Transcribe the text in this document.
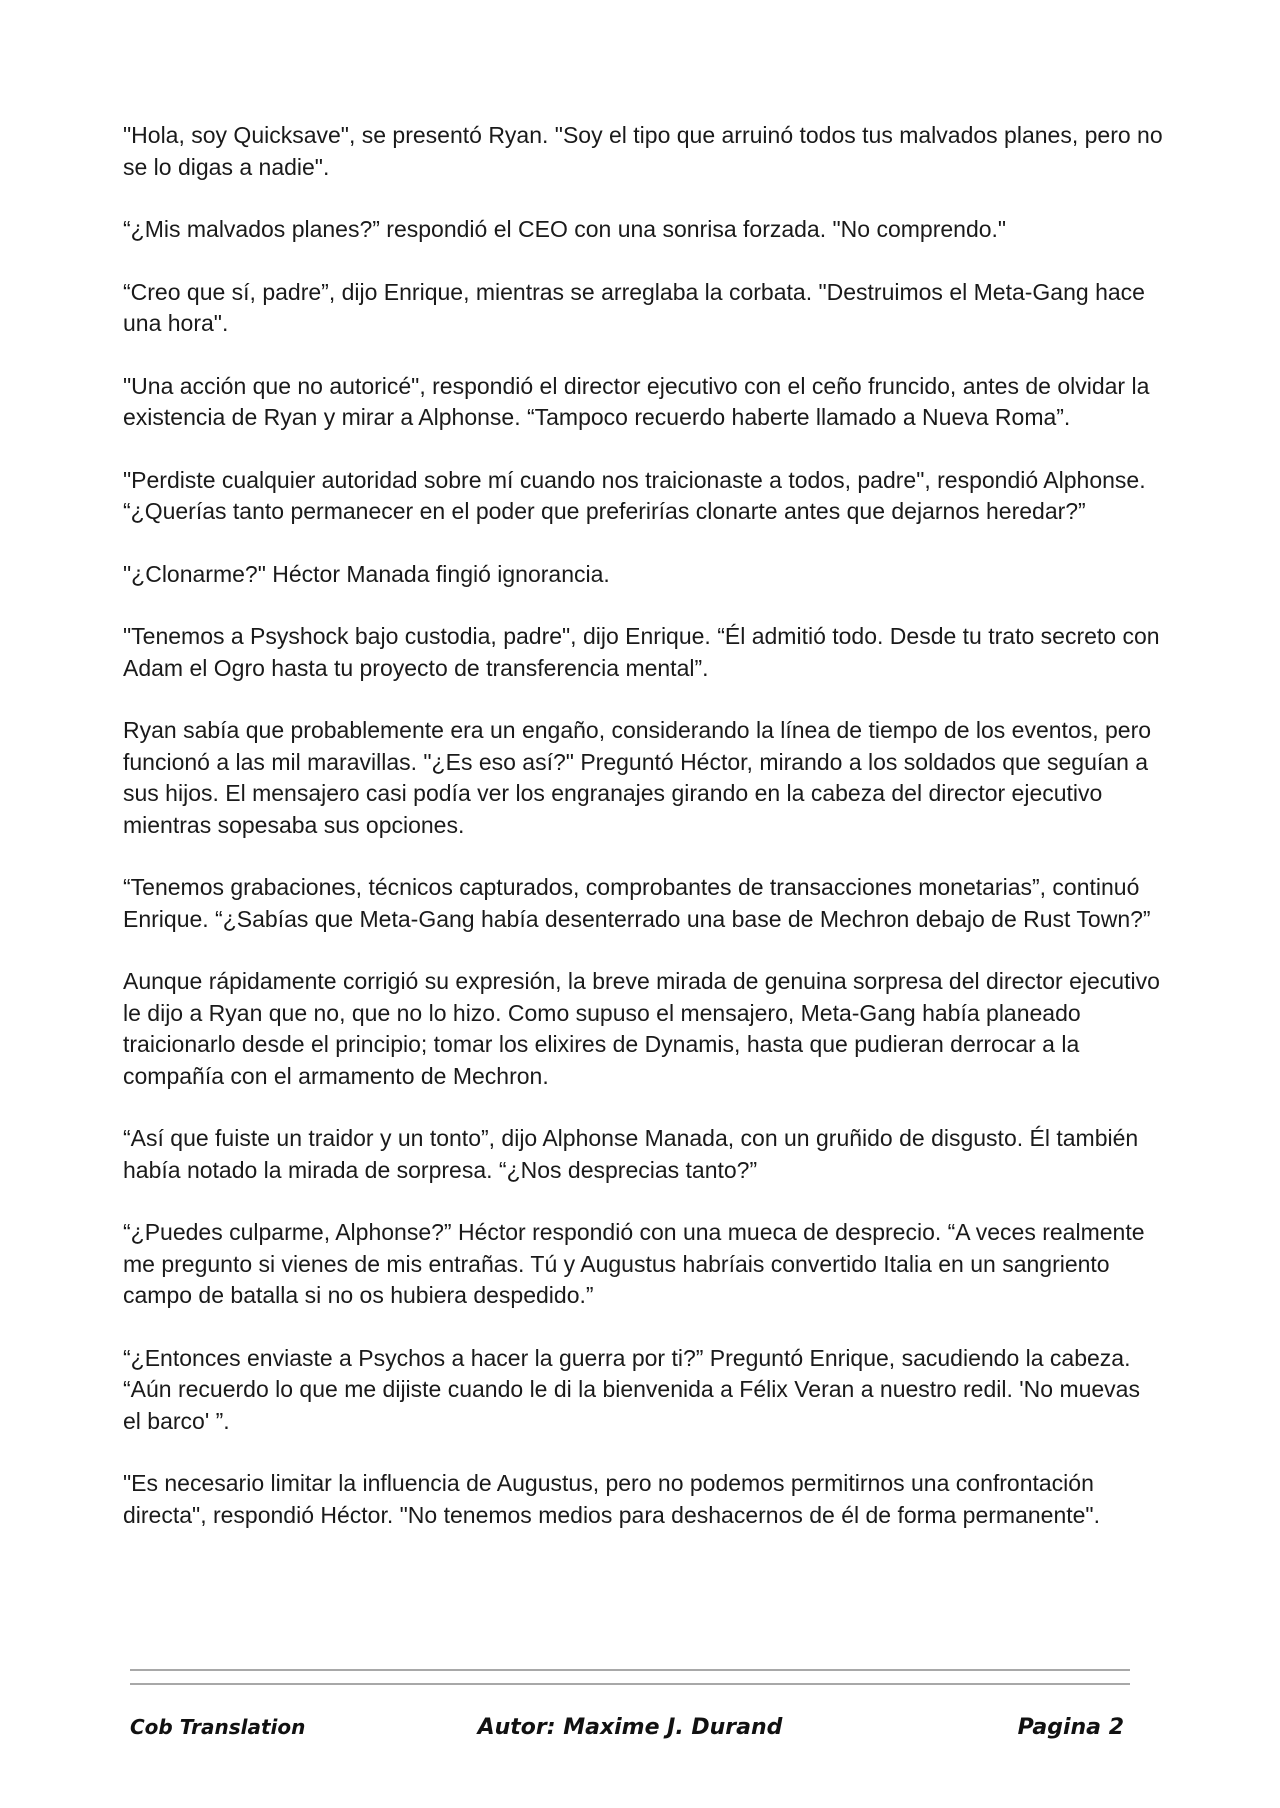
"Hola, soy Quicksave", se presentó Ryan. "Soy el tipo que arruinó todos tus malvados planes, pero no se lo digas a nadie".

“¿Mis malvados planes?” respondió el CEO con una sonrisa forzada. "No comprendo."

“Creo que sí, padre”, dijo Enrique, mientras se arreglaba la corbata. "Destruimos el Meta-Gang hace una hora".

"Una acción que no autoricé", respondió el director ejecutivo con el ceño fruncido, antes de olvidar la existencia de Ryan y mirar a Alphonse. “Tampoco recuerdo haberte llamado a Nueva Roma”.

"Perdiste cualquier autoridad sobre mí cuando nos traicionaste a todos, padre", respondió Alphonse. “¿Querías tanto permanecer en el poder que preferirías clonarte antes que dejarnos heredar?”

"¿Clonarme?" Héctor Manada fingió ignorancia.

"Tenemos a Psyshock bajo custodia, padre", dijo Enrique. “Él admitió todo. Desde tu trato secreto con Adam el Ogro hasta tu proyecto de transferencia mental”.

Ryan sabía que probablemente era un engaño, considerando la línea de tiempo de los eventos, pero funcionó a las mil maravillas. "¿Es eso así?" Preguntó Héctor, mirando a los soldados que seguían a sus hijos. El mensajero casi podía ver los engranajes girando en la cabeza del director ejecutivo mientras sopesaba sus opciones.

“Tenemos grabaciones, técnicos capturados, comprobantes de transacciones monetarias”, continuó Enrique. “¿Sabías que Meta-Gang había desenterrado una base de Mechron debajo de Rust Town?”

Aunque rápidamente corrigió su expresión, la breve mirada de genuina sorpresa del director ejecutivo le dijo a Ryan que no, que no lo hizo. Como supuso el mensajero, Meta-Gang había planeado traicionarlo desde el principio; tomar los elixires de Dynamis, hasta que pudieran derrocar a la compañía con el armamento de Mechron.

“Así que fuiste un traidor y un tonto”, dijo Alphonse Manada, con un gruñido de disgusto. Él también había notado la mirada de sorpresa. “¿Nos desprecias tanto?”

“¿Puedes culparme, Alphonse?” Héctor respondió con una mueca de desprecio. “A veces realmente me pregunto si vienes de mis entrañas. Tú y Augustus habríais convertido Italia en un sangriento campo de batalla si no os hubiera despedido.”

“¿Entonces enviaste a Psychos a hacer la guerra por ti?” Preguntó Enrique, sacudiendo la cabeza. “Aún recuerdo lo que me dijiste cuando le di la bienvenida a Félix Veran a nuestro redil. 'No muevas el barco' ”.

"Es necesario limitar la influencia de Augustus, pero no podemos permitirnos una confrontación directa", respondió Héctor. "No tenemos medios para deshacernos de él de forma permanente".

Cob Translation	Autor: Maxime J. Durand	Pagina 2
